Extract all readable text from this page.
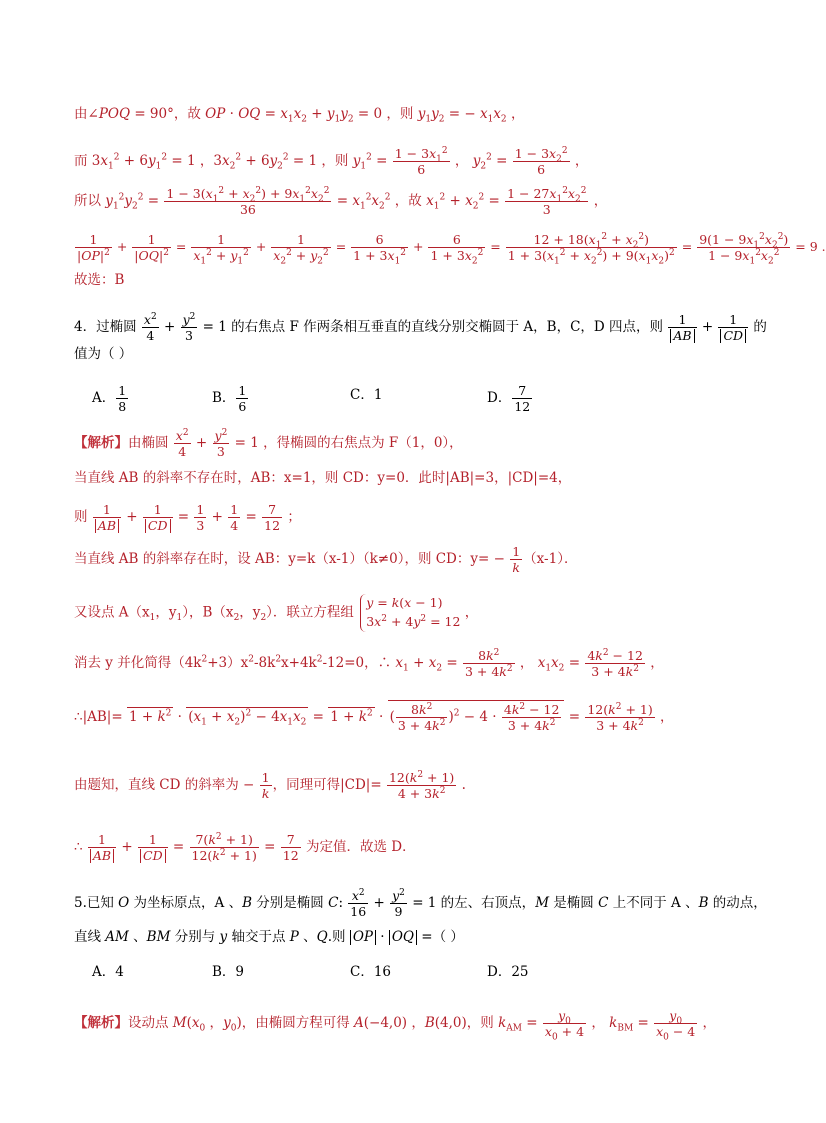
由∠POQ = 90°，故 OP · OQ = $x_1x_2 + y_1y_2 = 0$ ，则 $y_1y_2$ = − $x_1x_2$ ，
而 $3x_1^2 + 6y_1^2 = 1$ ，$3x_2^2 + 6y_2^2 = 1$ ，则 $y_1^2 = \frac{1 - 3x_1^2}{6}$ ， $y_2^2 = \frac{1 - 3x_2^2}{6}$ ，
所以 $y_1^2y_2^2 = \frac{1 - 3(x_1^2 + x_2^2) + 9x_1^2x_2^2}{36} = x_1^2x_2^2$ ，故 $x_1^2 + x_2^2 = \frac{1 - 27x_1^2x_2^2}{3}$ ，
$\frac{1}{|OP|^2} + \frac{1}{|OQ|^2} = \frac{1}{x_1^2 + y_1^2} + \frac{1}{x_2^2 + y_2^2} = \frac{6}{1 + 3x_1^2} + \frac{6}{1 + 3x_2^2} = \frac{12 + 18(x_1^2 + x_2^2)}{1 + 3(x_1^2 + x_2^2) + 9(x_1x_2)^2} = \frac{9(1 - 9x_1^2x_2^2)}{1 - 9x_1^2x_2^2} = 9$ .
故选：B
4．过椭圆 $\frac{x^2}{4} + \frac{y^2}{3} = 1$ 的右焦点 F 作两条相互垂直的直线分别交椭圆于 A，B，C，D 四点，则 $\frac{1}{AB} + \frac{1}{CD}$ 的
值为（ ）
A． $\frac{1}{8}$	B． $\frac{1}{6}$	C．1	D． $\frac{7}{12}$
【解析】由椭圆 $\frac{x^2}{4} + \frac{y^2}{3} = 1$ ，得椭圆的右焦点为 F（1，0），
当直线 AB 的斜率不存在时，AB：x=1，则 CD：y=0．此时|AB|=3，|CD|=4，
则 $\frac{1}{AB} + \frac{1}{CD} = \frac{1}{3} + \frac{1}{4} = \frac{7}{12}$ ；
当直线 AB 的斜率存在时，设 AB：y=k（x-1）（k≠0），则 CD：$y= - \frac{1}{k} (x-1)$．
又设点 $A(x_1$，$y_1$），$B(x_2$，$y_2$）．联立方程组
y = k(x − 1)
$3x^2 + 4y^2 = 12$
，
消去 y 并化简得$(4k^2+3)x^2-8k^2x+4k^2-12=0$，∴ $x_1 + x_2 = \frac{8k^2}{3 + 4k^2}$ ， $x_1x_2 = \frac{4k^2 - 12}{3 + 4k^2}$ ，
∴|AB|= $1 + k^2 \cdot (x_1 + x_2)^2 - 4x_1x_2 = 1 + k^2$ · ( $\frac{8k^2}{3 + 4k^2} )^2 - 4 \cdot \frac{4k^2 - 12}{3 + 4k^2} = \frac{12(k^2 + 1)}{3 + 4k^2}$ ，
由题知，直线 CD 的斜率为 − $\frac{1}{k}$ ，同理可得$|CD|= \frac{12(k^2 + 1)}{4 + 3k^2}$ .
∴ $\frac{1}{AB} + \frac{1}{CD} = \frac{7(k^2 + 1)}{12(k^2 + 1)} = \frac{7}{12}$ 为定值．故选 D．
5.已知 O 为坐标原点，A 、B 分别是椭圆 C: $\frac{x^2}{16} + \frac{y^2}{9} = 1$ 的左、右顶点，M 是椭圆 C 上不同于 A 、B 的动点，
直线 AM 、BM 分别与 y 轴交于点 P 、Q.则 OP · OQ =（ ）
A．4	B．9	C．16	D．25
【解析】设动点 $M(x_0$ ，$y_0$)，由椭圆方程可得 A(−4,0) ，B(4,0)，则 $k_{AM} = \frac{y_0}{x_0 + 4}$ ， $k_{BM} = \frac{y_0}{x_0 - 4}$ ，
